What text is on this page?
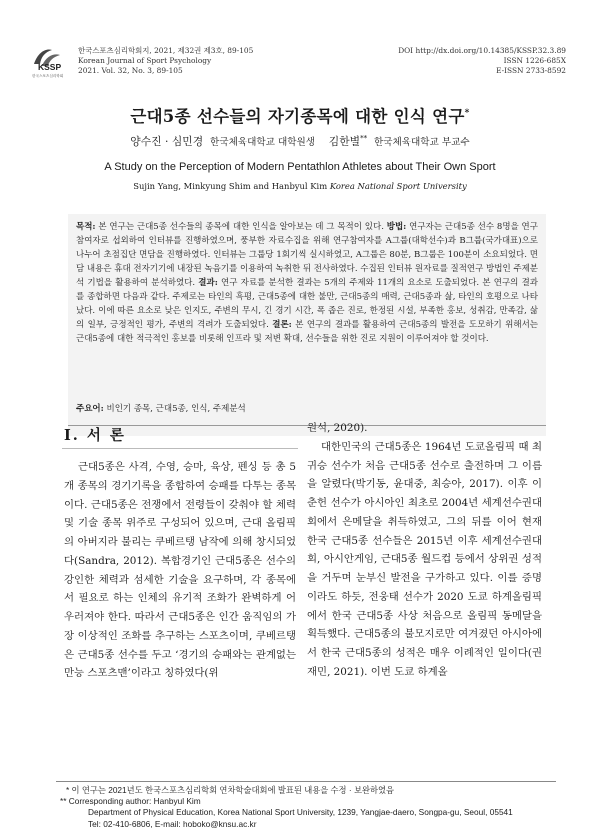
KSSP
한국스포츠심리학회
한국스포츠심리학회지, 2021, 제32권 제3호, 89-105
Korean Journal of Sport Psychology
2021. Vol. 32, No. 3, 89-105
DOI http://dx.doi.org/10.14385/KSSP.32.3.89
ISSN 1226-685X
E-ISSN 2733-8592
근대5종 선수들의 자기종목에 대한 인식 연구*
양수진 · 심민경 한국체육대학교 대학원생 김한별** 한국체육대학교 부교수
A Study on the Perception of Modern Pentathlon Athletes about Their Own Sport
Sujin Yang, Minkyung Shim and Hanbyul Kim Korea National Sport University
목적: 본 연구는 근대5종 선수들의 종목에 대한 인식을 알아보는 데 그 목적이 있다. 방법: 연구자는 근대5종 선수 8명을 연구참여자로 섭외하여 인터뷰를 진행하였으며, 풍부한 자료수집을 위해 연구참여자를 A그룹(대학선수)과 B그룹(국가대표)으로 나누어 초점집단 면담을 진행하였다. 인터뷰는 그룹당 1회기씩 실시하였고, A그룹은 80분, B그룹은 100분이 소요되었다. 면담 내용은 휴대 전자기기에 내장된 녹음기를 이용하여 녹취한 뒤 전사하였다. 수집된 인터뷰 원자료를 질적연구 방법인 주제분석 기법을 활용하여 분석하였다. 결과: 연구 자료를 분석한 결과는 5개의 주제와 11개의 요소로 도출되었다. 본 연구의 결과를 종합하면 다음과 같다. 주제로는 타인의 흑평, 근대5종에 대한 불만, 근대5종의 매력, 근대5종과 삶, 타인의 호평으로 나타났다. 이에 따른 요소로 낮은 인지도, 주변의 무시, 긴 경기 시간, 폭 좁은 진로, 한정된 시설, 부족한 홍보, 성취감, 만족감, 삶의 일부, 긍정적인 평가, 주변의 격려가 도출되었다. 결론: 본 연구의 결과를 활용하여 근대5종의 발전을 도모하기 위해서는 근대5종에 대한 적극적인 홍보를 비롯해 인프라 및 저변 확대, 선수들을 위한 진로 지원이 이루어져야 할 것이다.
주요어: 비인기 종목, 근대5종, 인식, 주제분석
Ⅰ. 서 론
근대5종은 사격, 수영, 승마, 육상, 펜싱 등 총 5개 종목의 경기기록을 종합하여 승패를 다투는 종목이다. 근대5종은 전쟁에서 전령들이 갖춰야 할 체력 및 기술 종목 위주로 구성되어 있으며, 근대 올림픽의 아버지라 불리는 쿠베르탱 남작에 의해 창시되었다(Sandra, 2012). 복합경기인 근대5종은 선수의 강인한 체력과 섬세한 기술을 요구하며, 각 종목에서 필요로 하는 인체의 유기적 조화가 완벽하게 어우러져야 한다. 따라서 근대5종은 인간 움직임의 가장 이상적인 조화를 추구하는 스포츠이며, 쿠베르탱은 근대5종 선수를 두고 ‘경기의 승패와는 관계없는 만능 스포츠맨’이라고 칭하였다(위
원석, 2020).
대한민국의 근대5종은 1964년 도쿄올림픽 때 최귀승 선수가 처음 근대5종 선수로 출전하며 그 이름을 알렸다(박기동, 윤대중, 최승아, 2017). 이후 이춘헌 선수가 아시아인 최초로 2004년 세계선수권대회에서 은메달을 취득하였고, 그의 뒤를 이어 현재 한국 근대5종 선수들은 2015년 이후 세계선수권대회, 아시안게임, 근대5종 월드컵 등에서 상위권 성적을 거두며 눈부신 발전을 구가하고 있다. 이를 증명이라도 하듯, 전웅태 선수가 2020 도쿄 하계올림픽에서 한국 근대5종 사상 처음으로 올림픽 동메달을 획득했다. 근대5종의 불모지로만 여겨졌던 아시아에서 한국 근대5종의 성적은 매우 이례적인 일이다(권재민, 2021). 이번 도쿄 하계올
* 이 연구는 2021년도 한국스포츠심리학회 연차학술대회에 발표된 내용을 수정 · 보완하였음
** Corresponding author: Hanbyul Kim
Department of Physical Education, Korea National Sport University, 1239, Yangjae-daero, Songpa-gu, Seoul, 05541
Tel: 02-410-6806, E-mail: hoboko@knsu.ac.kr
